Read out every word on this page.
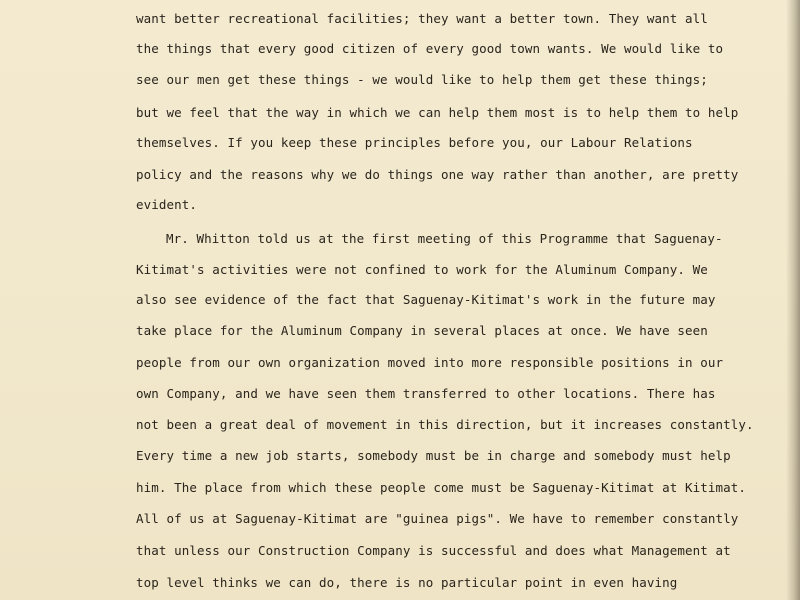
want better recreational facilities; they want a better town. They want all

the things that every good citizen of every good town wants. We would like to

see our men get these things - we would like to help them get these things;

but we feel that the way in which we can help them most is to help them to help

themselves. If you keep these principles before you, our Labour Relations

policy and the reasons why we do things one way rather than another, are pretty

evident.

Mr. Whitton told us at the first meeting of this Programme that Saguenay-

Kitimat's activities were not confined to work for the Aluminum Company. We

also see evidence of the fact that Saguenay-Kitimat's work in the future may

take place for the Aluminum Company in several places at once. We have seen

people from our own organization moved into more responsible positions in our

own Company, and we have seen them transferred to other locations. There has

not been a great deal of movement in this direction, but it increases constantly.

Every time a new job starts, somebody must be in charge and somebody must help

him. The place from which these people come must be Saguenay-Kitimat at Kitimat.

All of us at Saguenay-Kitimat are "guinea pigs". We have to remember constantly

that unless our Construction Company is successful and does what Management at

top level thinks we can do, there is no particular point in even having
